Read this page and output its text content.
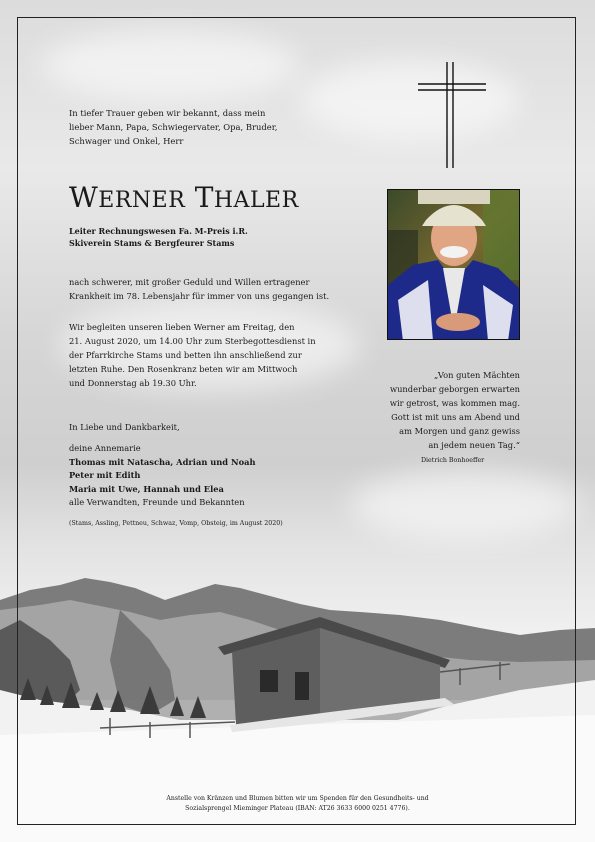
In tiefer Trauer geben wir bekannt, dass mein
lieber Mann, Papa, Schwiegervater, Opa, Bruder,
Schwager und Onkel, Herr
WERNER THALER
Leiter Rechnungswesen Fa. M-Preis i.R.
Skiverein Stams & Bergfeurer Stams
nach schwerer, mit großer Geduld und Willen ertragener
Krankheit im 78. Lebensjahr für immer von uns gegangen ist.
Wir begleiten unseren lieben Werner am Freitag, den
21. August 2020, um 14.00 Uhr zum Sterbegottesdienst in
der Pfarrkirche Stams und betten ihn anschließend zur
letzten Ruhe. Den Rosenkranz beten wir am Mittwoch
und Donnerstag ab 19.30 Uhr.
In Liebe und Dankbarkeit,
deine Annemarie
Thomas mit Natascha, Adrian und Noah
Peter mit Edith
Maria mit Uwe, Hannah und Elea
alle Verwandten, Freunde und Bekannten
(Stams, Assling, Pettneu, Schwaz, Vomp, Obsteig, im August 2020)
„Von guten Mächten
wunderbar geborgen erwarten
wir getrost, was kommen mag.
Gott ist mit uns am Abend und
am Morgen und ganz gewiss
an jedem neuen Tag.“
Dietrich Bonhoeffer
Anstelle von Kränzen und Blumen bitten wir um Spenden für den Gesundheits- und
Sozialsprengel Mieminger Plateau (IBAN: AT26 3633 6000 0251 4776).
